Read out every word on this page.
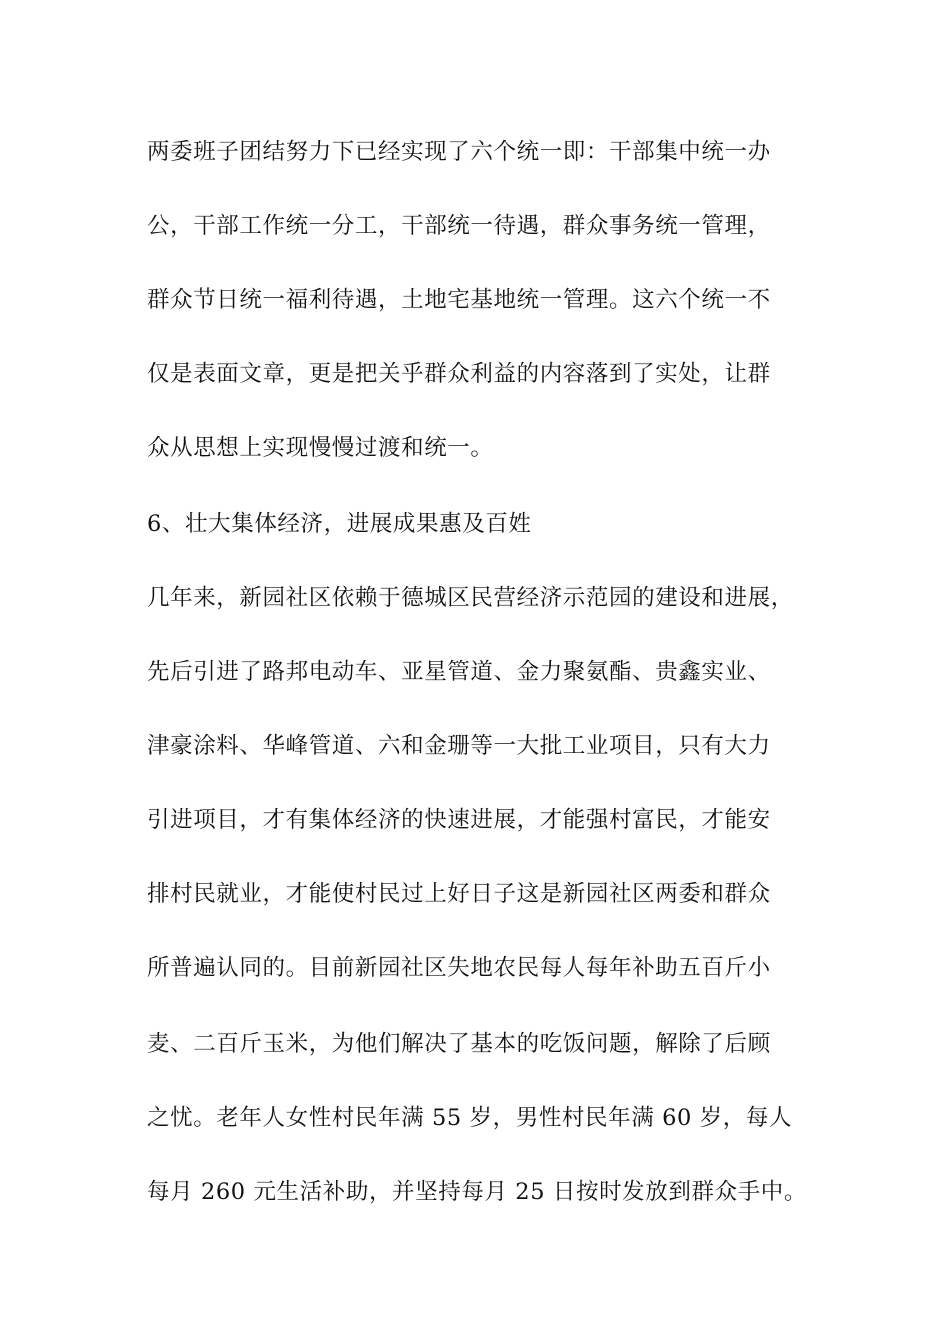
两委班子团结努力下已经实现了六个统一即：干部集中统一办
公，干部工作统一分工，干部统一待遇，群众事务统一管理，
群众节日统一福利待遇，土地宅基地统一管理。这六个统一不
仅是表面文章，更是把关乎群众利益的内容落到了实处，让群
众从思想上实现慢慢过渡和统一。
6、壮大集体经济，进展成果惠及百姓
几年来，新园社区依赖于德城区民营经济示范园的建设和进展，
先后引进了路邦电动车、亚星管道、金力聚氨酯、贵鑫实业、
津豪涂料、华峰管道、六和金珊等一大批工业项目，只有大力
引进项目，才有集体经济的快速进展，才能强村富民，才能安
排村民就业，才能使村民过上好日子这是新园社区两委和群众
所普遍认同的。目前新园社区失地农民每人每年补助五百斤小
麦、二百斤玉米，为他们解决了基本的吃饭问题，解除了后顾
之忧。老年人女性村民年满 55 岁，男性村民年满 60 岁，每人
每月 260 元生活补助，并坚持每月 25 日按时发放到群众手中。
